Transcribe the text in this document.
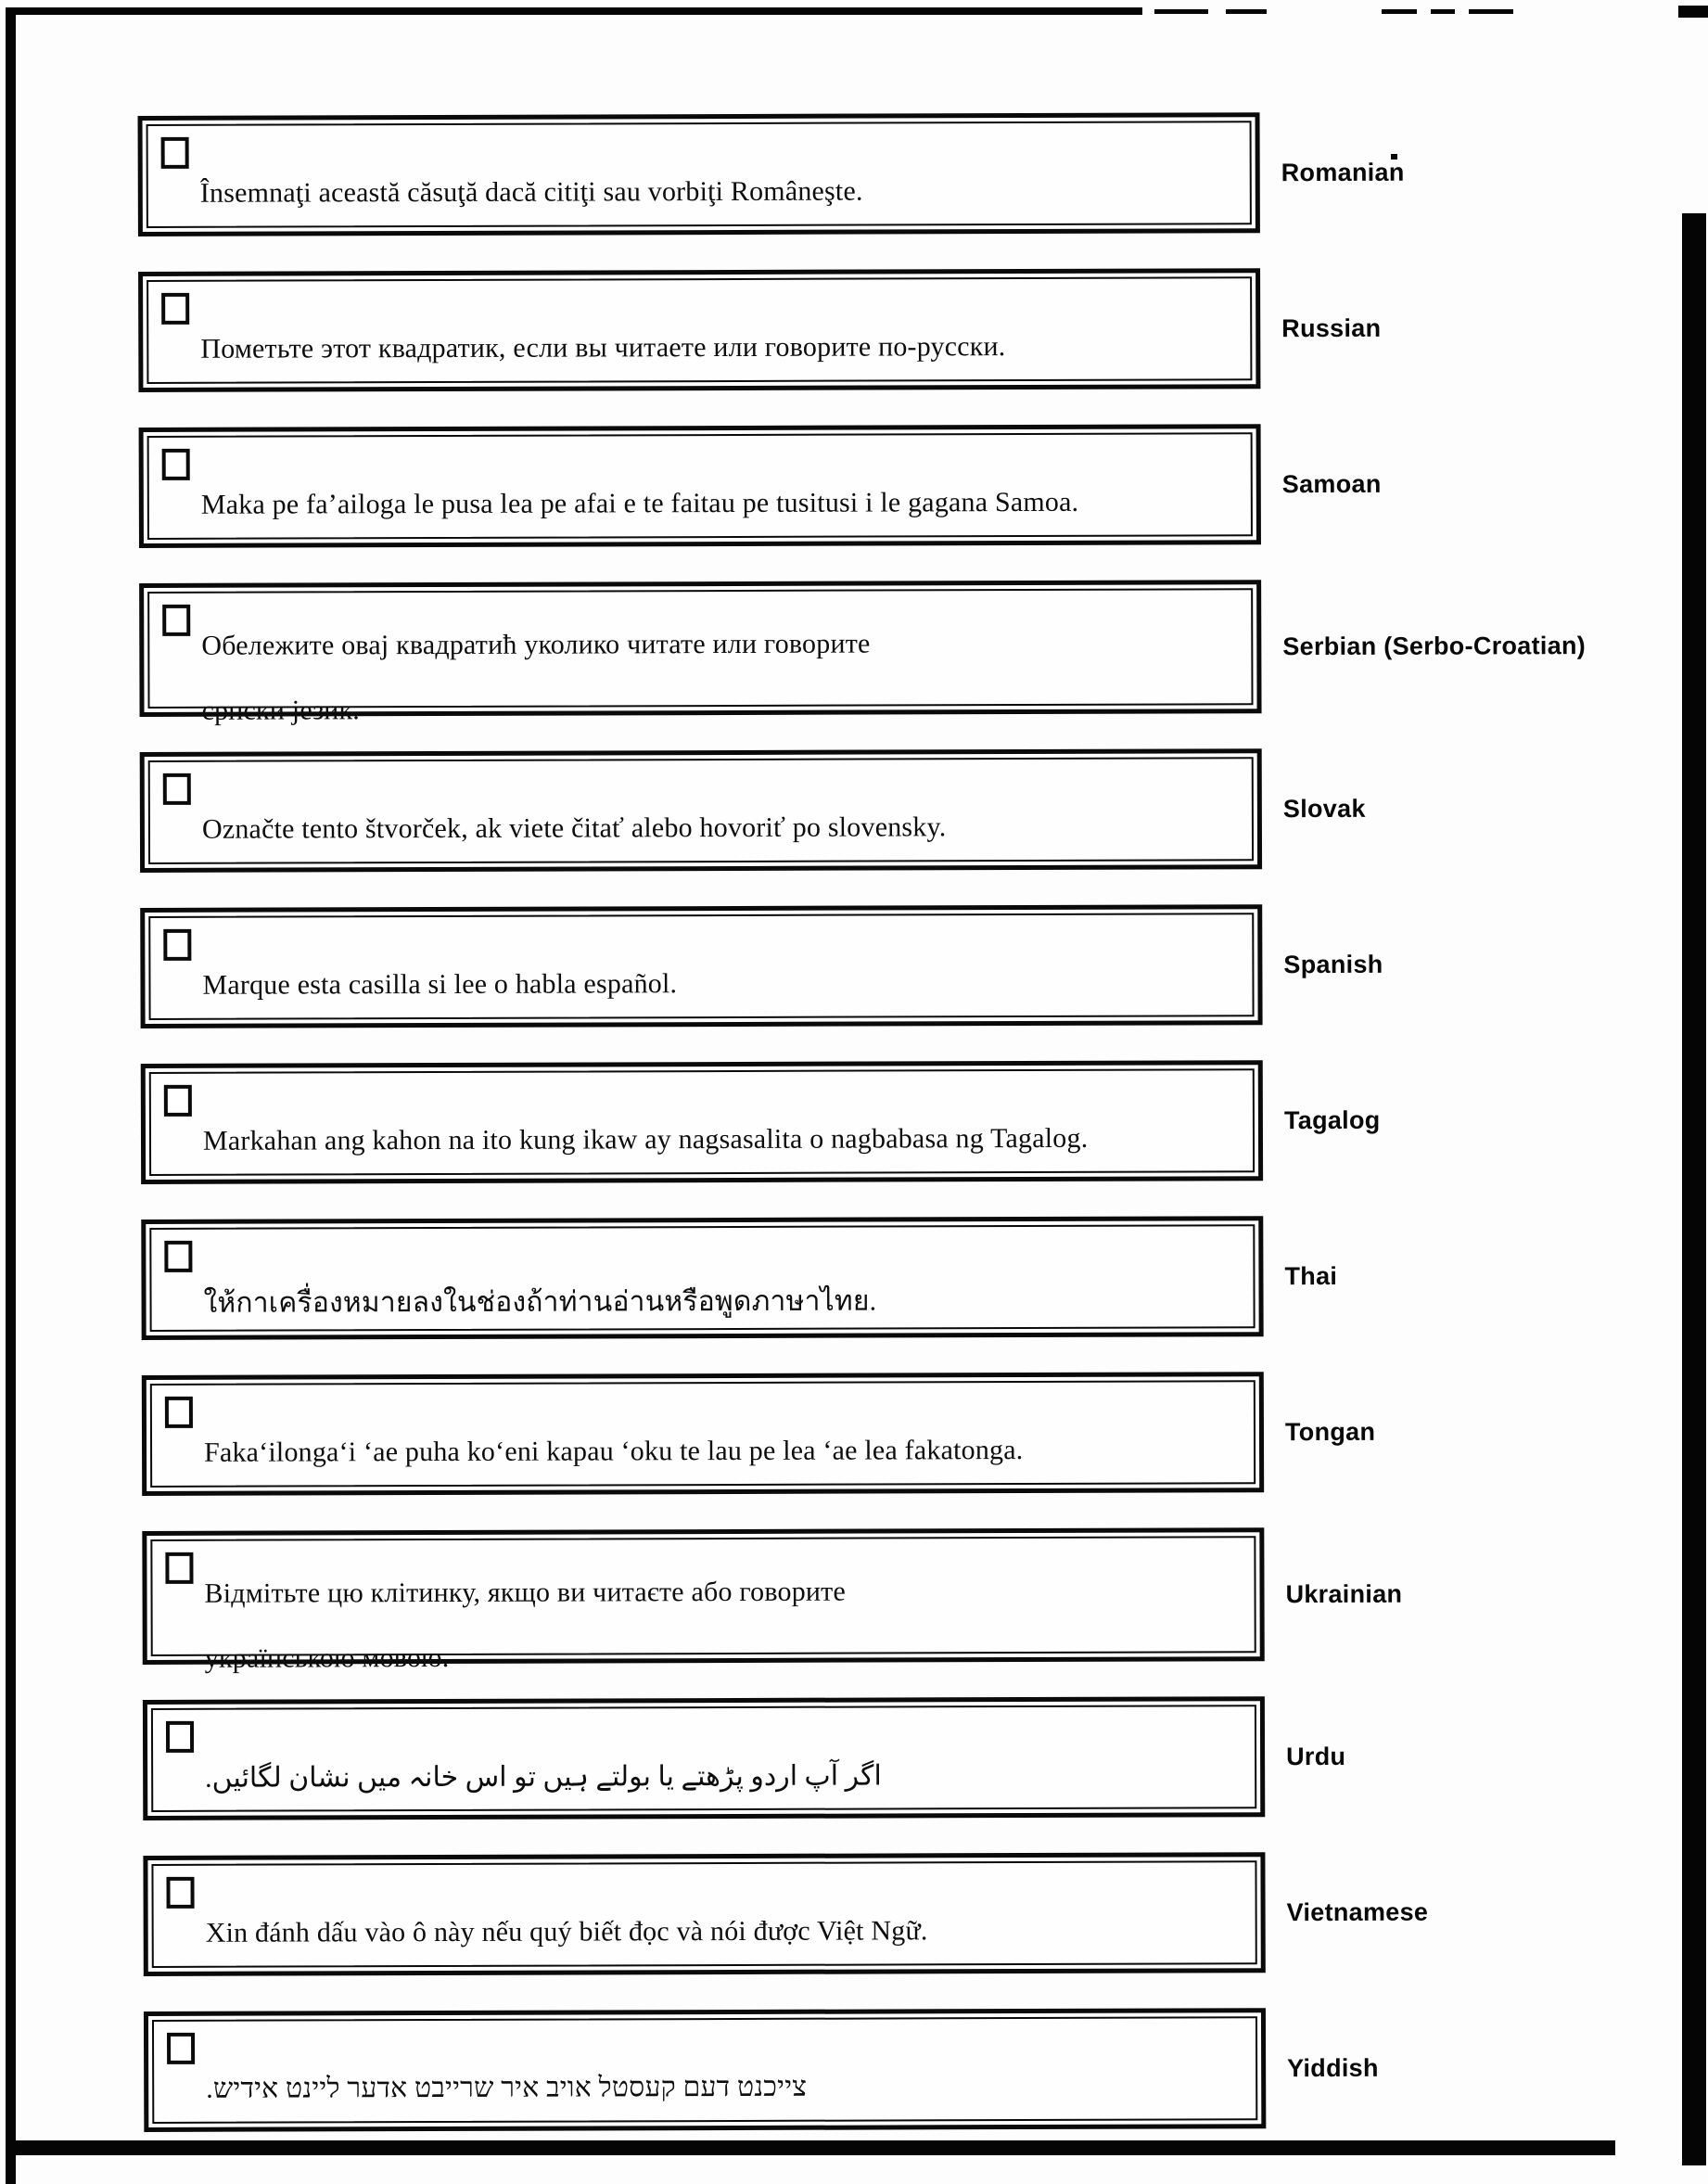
Însemnaţi această căsuţă dacă citiţi sau vorbiţi Româneşte.
Romanian
Пометьте этот квадратик, если вы читаете или говорите по-русски.
Russian
Maka pe fa’ailoga le pusa lea pe afai e te faitau pe tusitusi i le gagana Samoa.
Samoan
Обележите овај квадратић уколико читате или говорите
српски језик.
Serbian (Serbo-Croatian)
Označte tento štvorček, ak viete čitať alebo hovoriť po slovensky.
Slovak
Marque esta casilla si lee o habla español.
Spanish
Markahan ang kahon na ito kung ikaw ay nagsasalita o nagbabasa ng Tagalog.
Tagalog
ให้กาเครื่องหมายลงในช่องถ้าท่านอ่านหรือพูดภาษาไทย.
Thai
Faka‘ilonga‘i ‘ae puha ko‘eni kapau ‘oku te lau pe lea ‘ae lea fakatonga.
Tongan
Відмітьте цю клітинку, якщо ви читаєте або говорите
українською мовою.
Ukrainian
اگر آپ اردو پڑھتے یا بولتے ہیں تو اس خانہ میں نشان لگائیں.
Urdu
Xin đánh dấu vào ô này nếu quý biết đọc và nói được Việt Ngữ.
Vietnamese
צייכנט דעם קעסטל אויב איר שרייבט אדער ליינט אידיש.
Yiddish
